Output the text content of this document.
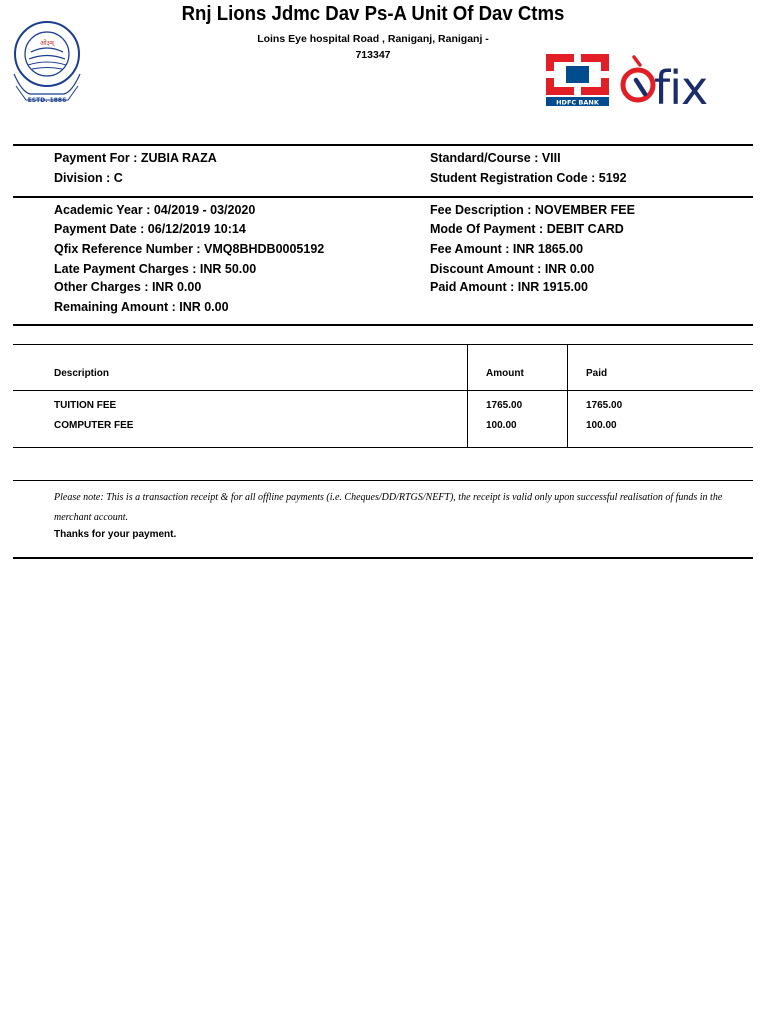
Rnj Lions Jdmc Dav Ps-A Unit Of Dav Ctms
Loins Eye hospital Road , Raniganj, Raniganj -
713347
ओ३म्
ESTD. 1886	HDFC BANK fix
Payment For : ZUBIA RAZA
Division : C
Standard/Course : VIII
Student Registration Code : 5192
Academic Year : 04/2019 - 03/2020
Payment Date : 06/12/2019 10:14
Qfix Reference Number : VMQ8BHDB0005192
Late Payment Charges : INR 50.00
Other Charges : INR 0.00
Remaining Amount : INR 0.00
Fee Description : NOVEMBER FEE
Mode Of Payment : DEBIT CARD
Fee Amount : INR 1865.00
Discount Amount : INR 0.00
Paid Amount : INR 1915.00
Description	Amount	Paid
TUITION FEE	1765.00	1765.00
COMPUTER FEE	100.00	100.00
Please note: This is a transaction receipt & for all offline payments (i.e. Cheques/DD/RTGS/NEFT), the receipt is valid only upon successful realisation of funds in the merchant account.
Thanks for your payment.
